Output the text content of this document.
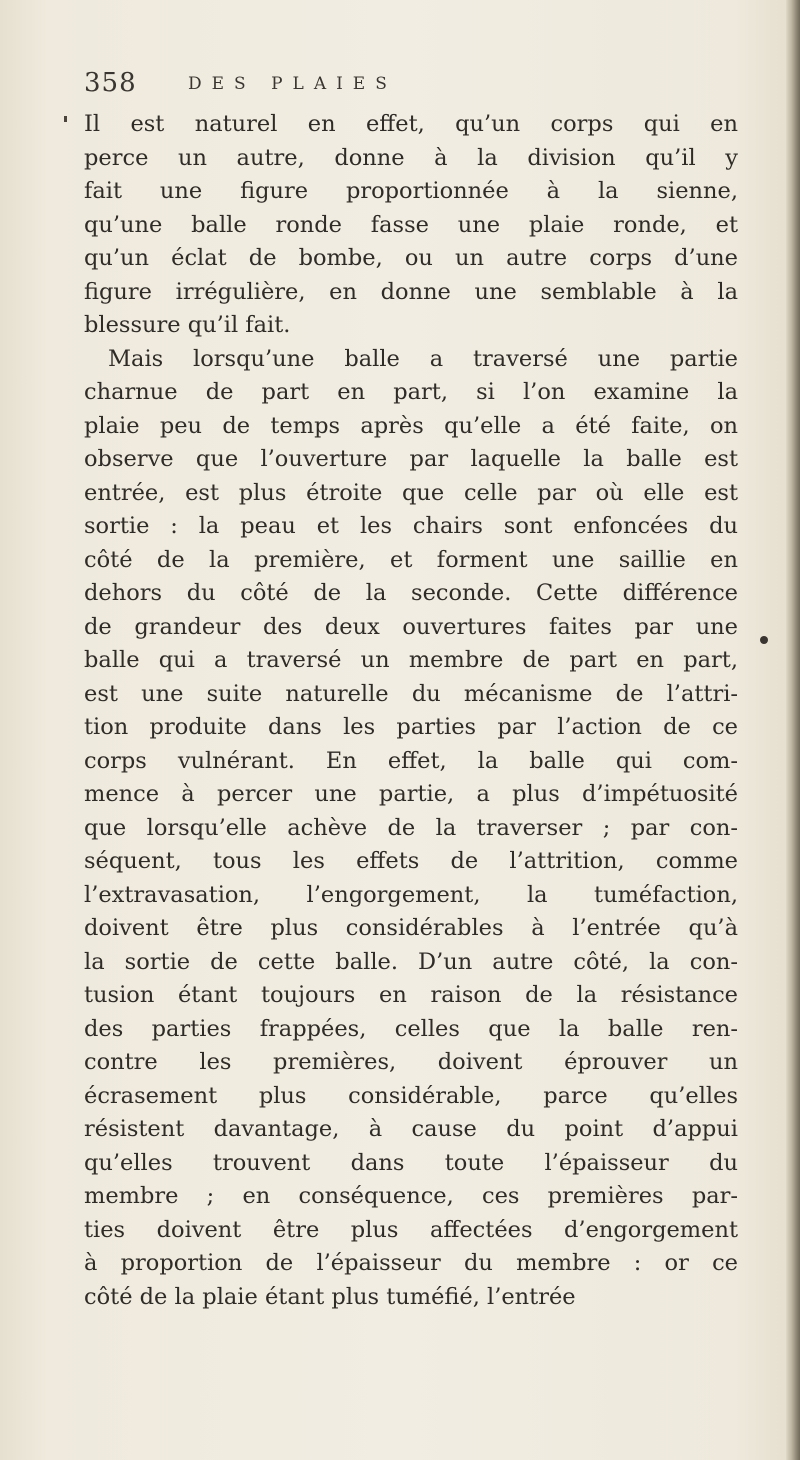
358	DES PLAIES
Il est naturel en effet, qu’un corps qui en
perce un autre, donne à la division qu’il y
fait une figure proportionnée à la sienne,
qu’une balle ronde fasse une plaie ronde, et
qu’un éclat de bombe, ou un autre corps d’une
figure irrégulière, en donne une semblable à la
blessure qu’il fait.
Mais lorsqu’une balle a traversé une partie
charnue de part en part, si l’on examine la
plaie peu de temps après qu’elle a été faite, on
observe que l’ouverture par laquelle la balle est
entrée, est plus étroite que celle par où elle est
sortie : la peau et les chairs sont enfoncées du
côté de la première, et forment une saillie en
dehors du côté de la seconde. Cette différence
de grandeur des deux ouvertures faites par une
balle qui a traversé un membre de part en part,
est une suite naturelle du mécanisme de l’attri-
tion produite dans les parties par l’action de ce
corps vulnérant. En effet, la balle qui com-
mence à percer une partie, a plus d’impétuosité
que lorsqu’elle achève de la traverser ; par con-
séquent, tous les effets de l’attrition, comme
l’extravasation, l’engorgement, la tuméfaction,
doivent être plus considérables à l’entrée qu’à
la sortie de cette balle. D’un autre côté, la con-
tusion étant toujours en raison de la résistance
des parties frappées, celles que la balle ren-
contre les premières, doivent éprouver un
écrasement plus considérable, parce qu’elles
résistent davantage, à cause du point d’appui
qu’elles trouvent dans toute l’épaisseur du
membre ; en conséquence, ces premières par-
ties doivent être plus affectées d’engorgement
à proportion de l’épaisseur du membre : or ce
côté de la plaie étant plus tuméfié, l’entrée
